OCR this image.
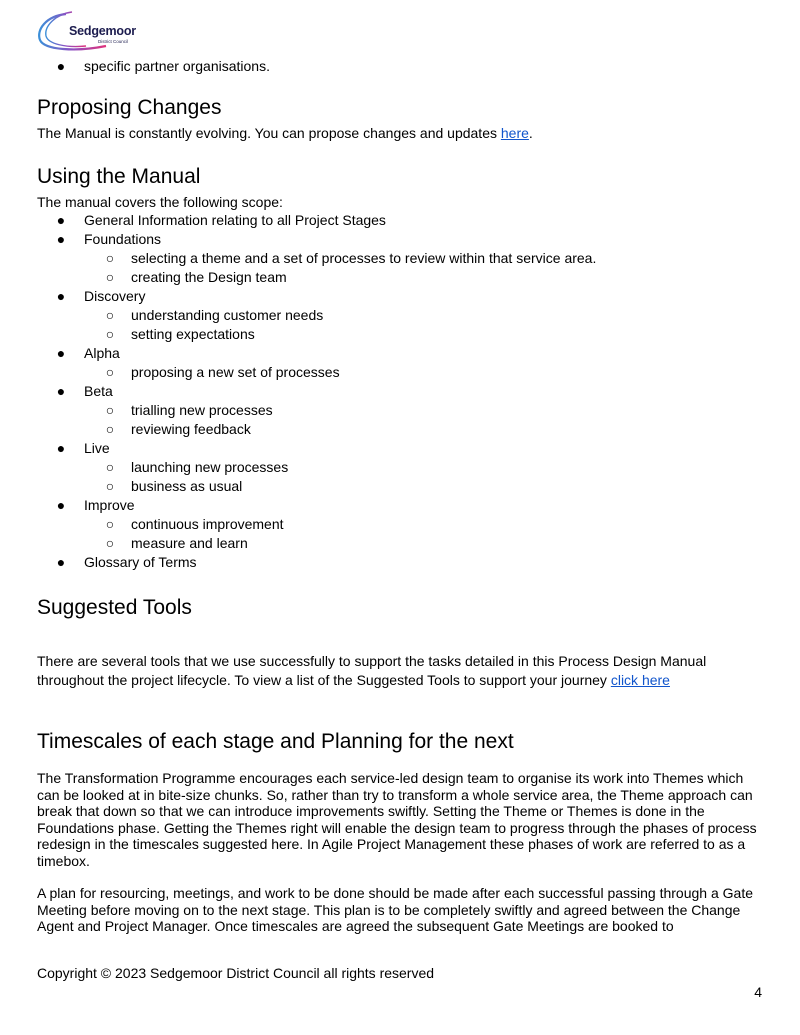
Sedgemoor
District Council
● specific partner organisations.
Proposing Changes

The Manual is constantly evolving. You can propose changes and updates here.

Using the Manual

The manual covers the following scope:

● General Information relating to all Project Stages
● Foundations
○ selecting a theme and a set of processes to review within that service area.
○ creating the Design team
● Discovery
○ understanding customer needs
○ setting expectations
● Alpha
○ proposing a new set of processes
● Beta
○ trialling new processes
○ reviewing feedback
● Live
○ launching new processes
○ business as usual
● Improve
○ continuous improvement
○ measure and learn
● Glossary of Terms
Suggested Tools

There are several tools that we use successfully to support the tasks detailed in this Process Design Manual throughout the project lifecycle. To view a list of the Suggested Tools to support your journey click here

Timescales of each stage and Planning for the next

The Transformation Programme encourages each service-led design team to organise its work into Themes which can be looked at in bite-size chunks. So, rather than try to transform a whole service area, the Theme approach can break that down so that we can introduce improvements swiftly. Setting the Theme or Themes is done in the Foundations phase. Getting the Themes right will enable the design team to progress through the phases of process redesign in the timescales suggested here. In Agile Project Management these phases of work are referred to as a timebox.

A plan for resourcing, meetings, and work to be done should be made after each successful passing through a Gate Meeting before moving on to the next stage. This plan is to be completely swiftly and agreed between the Change Agent and Project Manager. Once timescales are agreed the subsequent Gate Meetings are booked to

Copyright © 2023 Sedgemoor District Council all rights reserved

4
